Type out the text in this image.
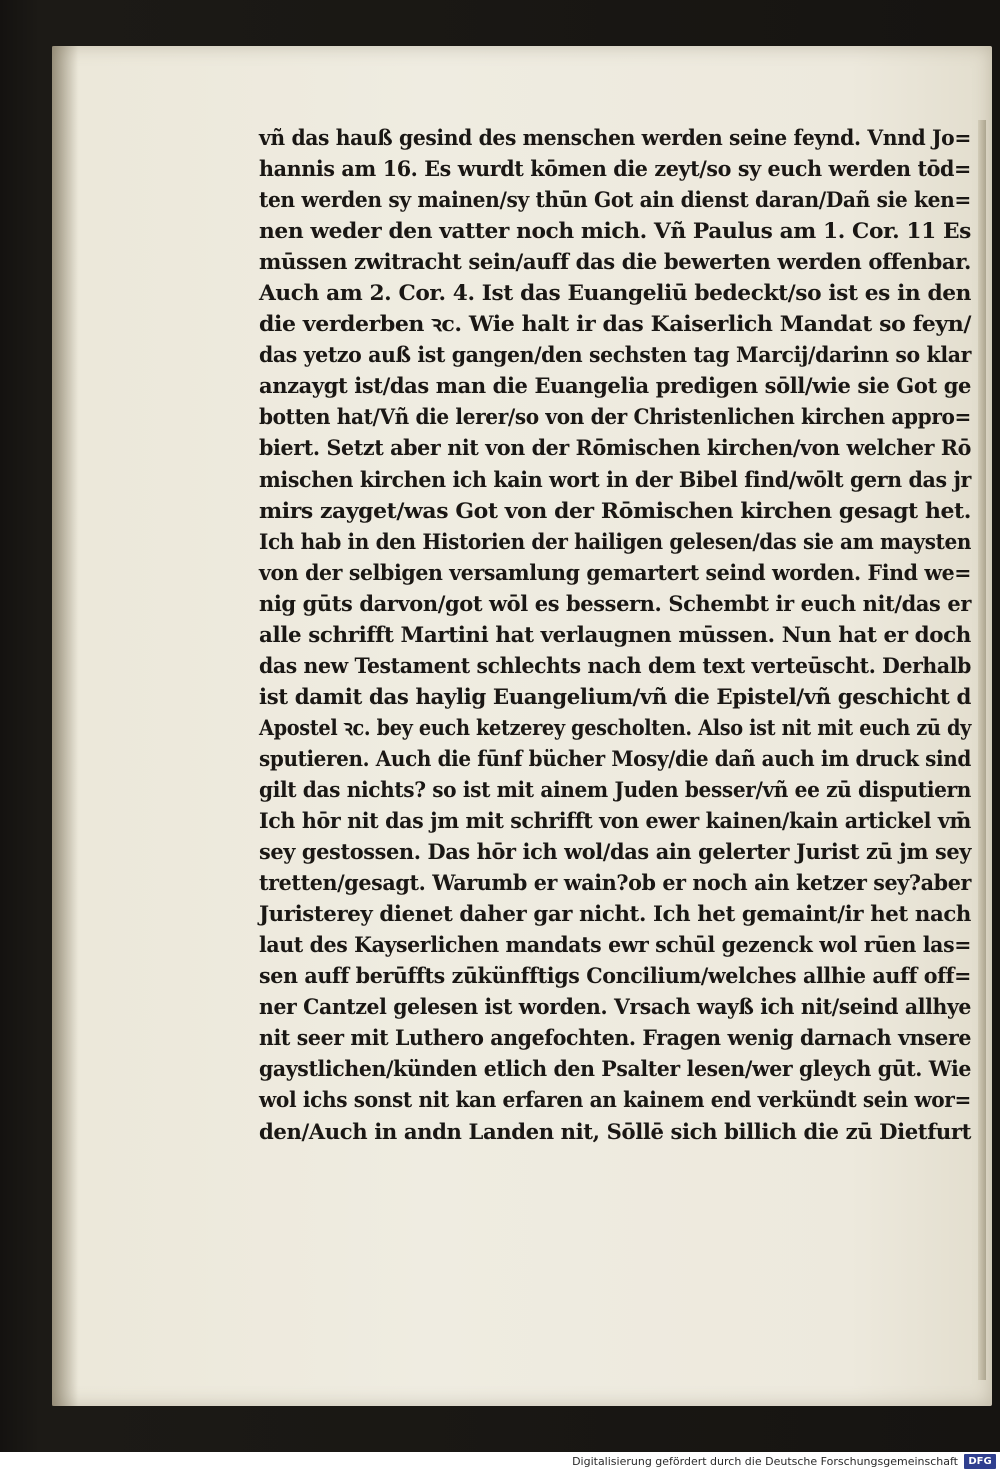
vñ das hauß gesind des menschen werden seine feynd. Vnnd Jo=
hannis am 16. Es wurdt kōmen die zeyt/so sy euch werden tōd=
ten werden sy mainen/sy thūn Got ain dienst daran/Dañ sie ken=
nen weder den vatter noch mich. Vñ Paulus am 1. Cor. 11 Es
mūssen zwitracht sein/auff das die bewerten werden offenbar.
Auch am 2. Cor. 4. Ist das Euangeliū bedeckt/so ist es in den
die verderben ꝛc. Wie halt ir das Kaiserlich Mandat so feyn/
das yetzo auß ist gangen/den sechsten tag Marcij/darinn so klar
anzaygt ist/das man die Euangelia predigen sōll/wie sie Got ge
botten hat/Vñ die lerer/so von der Christenlichen kirchen appro=
biert. Setzt aber nit von der Rōmischen kirchen/von welcher Rō
mischen kirchen ich kain wort in der Bibel find/wōlt gern das jr
mirs zayget/was Got von der Rōmischen kirchen gesagt het.
Ich hab in den Historien der hailigen gelesen/das sie am maysten
von der selbigen versamlung gemartert seind worden. Find we=
nig gūts darvon/got wōl es bessern. Schembt ir euch nit/das er
alle schrifft Martini hat verlaugnen mūssen. Nun hat er doch
das new Testament schlechts nach dem text verteūscht. Derhalb
ist damit das haylig Euangelium/vñ die Epistel/vñ geschicht d
Apostel ꝛc. bey euch ketzerey gescholten. Also ist nit mit euch zū dy
sputieren. Auch die fūnf bücher Mosy/die dañ auch im druck sind
gilt das nichts? so ist mit ainem Juden besser/vñ ee zū disputiern
Ich hōr nit das jm mit schrifft von ewer kainen/kain artickel vm̄
sey gestossen. Das hōr ich wol/das ain gelerter Jurist zū jm sey
tretten/gesagt. Warumb er wain?ob er noch ain ketzer sey?aber
Juristerey dienet daher gar nicht. Ich het gemaint/ir het nach
laut des Kayserlichen mandats ewr schūl gezenck wol rūen las=
sen auff berūffts zūkünfftigs Concilium/welches allhie auff off=
ner Cantzel gelesen ist worden. Vrsach wayß ich nit/seind allhye
nit seer mit Luthero angefochten. Fragen wenig darnach vnsere
gaystlichen/künden etlich den Psalter lesen/wer gleych gūt. Wie
wol ichs sonst nit kan erfaren an kainem end verkündt sein wor=
den/Auch in andn Landen nit, Sōllē sich billich die zū Dietfurt
Digitalisierung gefördert durch die Deutsche Forschungsgemeinschaft	DFG
